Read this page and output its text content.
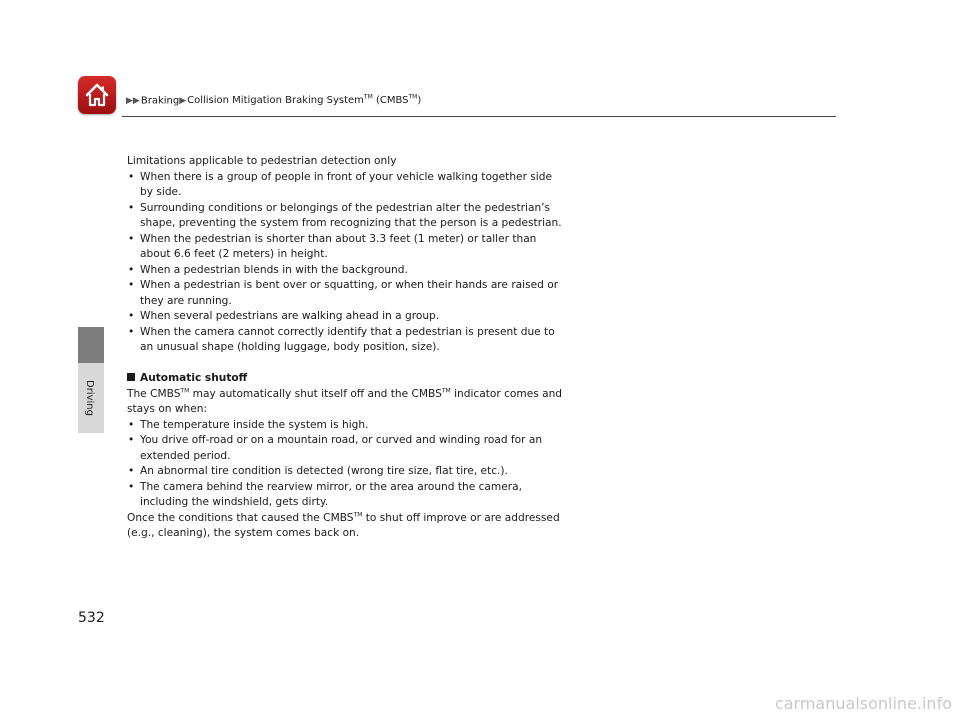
▶▶Braking▶Collision Mitigation Braking System™ (CMBS™)
Driving

Limitations applicable to pedestrian detection only

• When there is a group of people in front of your vehicle walking together side by side.
• Surrounding conditions or belongings of the pedestrian alter the pedestrian’s shape, preventing the system from recognizing that the person is a pedestrian.
• When the pedestrian is shorter than about 3.3 feet (1 meter) or taller than about 6.6 feet (2 meters) in height.
• When a pedestrian blends in with the background.
• When a pedestrian is bent over or squatting, or when their hands are raised or they are running.
• When several pedestrians are walking ahead in a group.
• When the camera cannot correctly identify that a pedestrian is present due to an unusual shape (holding luggage, body position, size).

Automatic shutoff

The CMBS™ may automatically shut itself off and the CMBS™ indicator comes and stays on when:

• The temperature inside the system is high.
• You drive off-road or on a mountain road, or curved and winding road for an extended period.
• An abnormal tire condition is detected (wrong tire size, flat tire, etc.).
• The camera behind the rearview mirror, or the area around the camera, including the windshield, gets dirty.

Once the conditions that caused the CMBS™ to shut off improve or are addressed (e.g., cleaning), the system comes back on.

532
carmanualsonline.info
